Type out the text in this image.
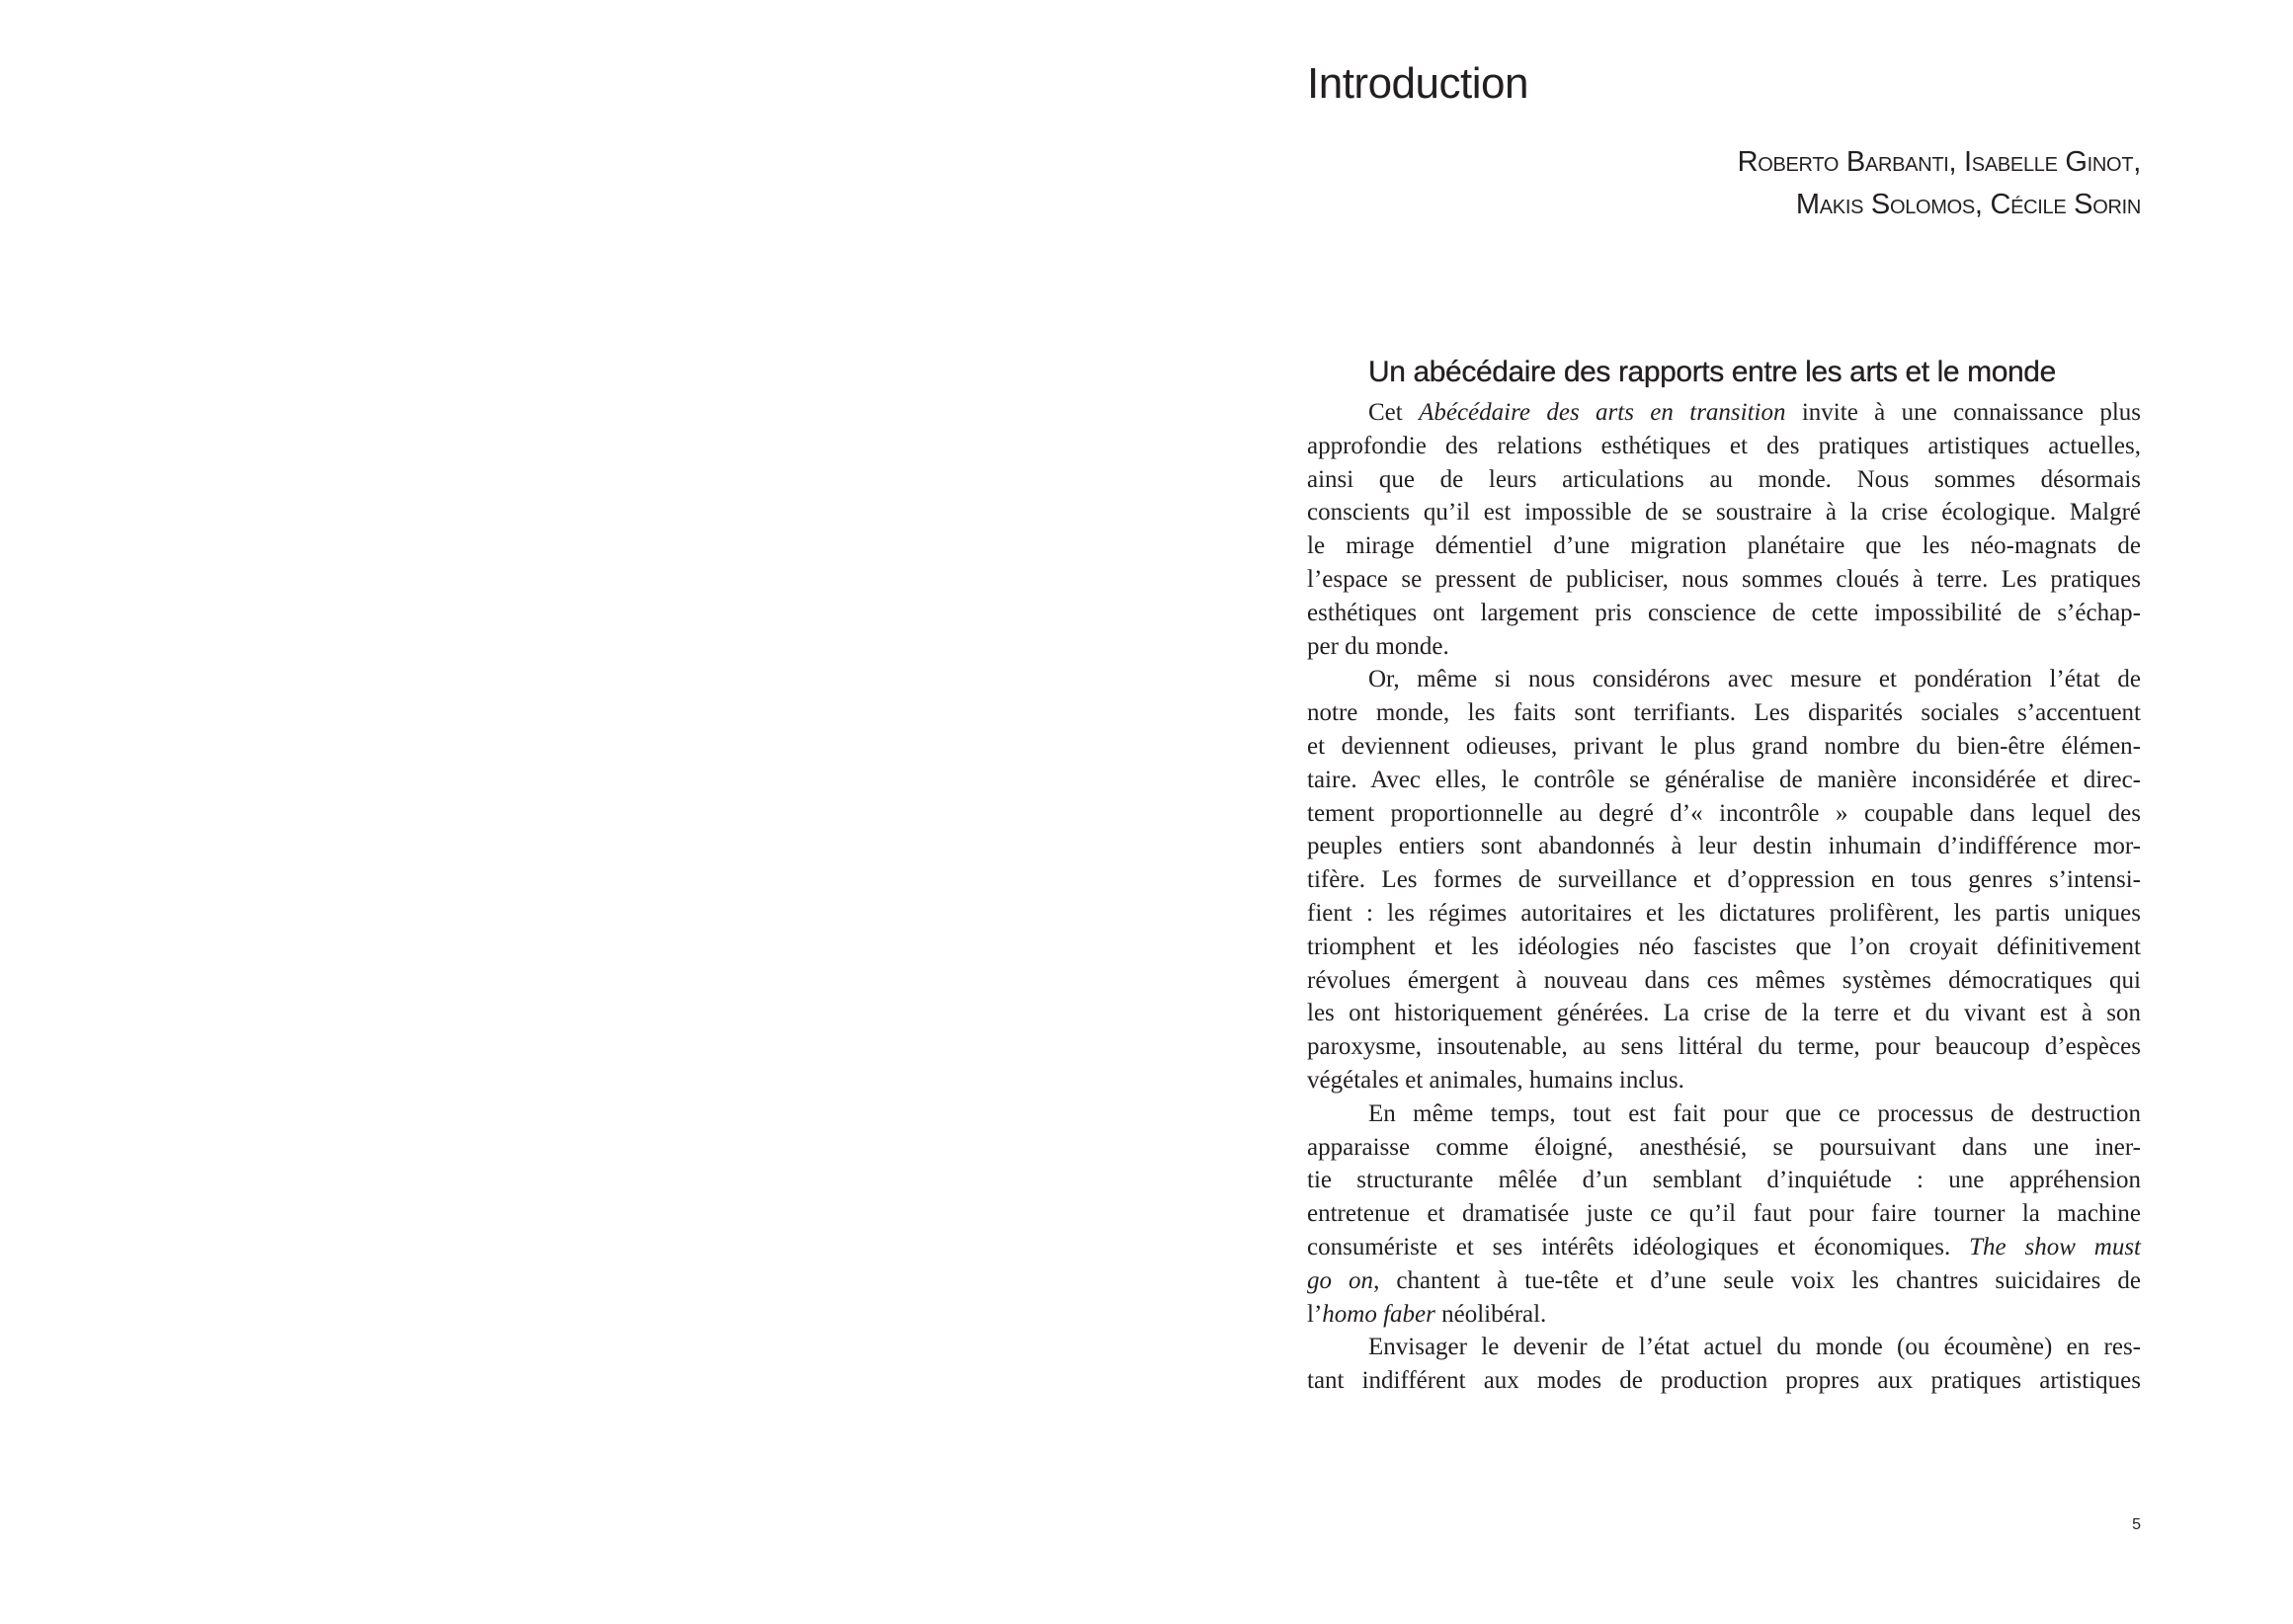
Introduction
Roberto Barbanti, Isabelle Ginot,
Makis Solomos, Cécile Sorin
Un abécédaire des rapports entre les arts et le monde
Cet Abécédaire des arts en transition invite à une connaissance plus
approfondie des relations esthétiques et des pratiques artistiques actuelles,
ainsi que de leurs articulations au monde. Nous sommes désormais
conscients qu’il est impossible de se soustraire à la crise écologique. Malgré
le mirage démentiel d’une migration planétaire que les néo-magnats de
l’espace se pressent de publiciser, nous sommes cloués à terre. Les pratiques
esthétiques ont largement pris conscience de cette impossibilité de s’échap-
per du monde.
Or, même si nous considérons avec mesure et pondération l’état de
notre monde, les faits sont terrifiants. Les disparités sociales s’accentuent
et deviennent odieuses, privant le plus grand nombre du bien-être élémen-
taire. Avec elles, le contrôle se généralise de manière inconsidérée et direc-
tement proportionnelle au degré d’« incontrôle » coupable dans lequel des
peuples entiers sont abandonnés à leur destin inhumain d’indifférence mor-
tifère. Les formes de surveillance et d’oppression en tous genres s’intensi-
fient : les régimes autoritaires et les dictatures prolifèrent, les partis uniques
triomphent et les idéologies néo fascistes que l’on croyait définitivement
révolues émergent à nouveau dans ces mêmes systèmes démocratiques qui
les ont historiquement générées. La crise de la terre et du vivant est à son
paroxysme, insoutenable, au sens littéral du terme, pour beaucoup d’espèces
végétales et animales, humains inclus.
En même temps, tout est fait pour que ce processus de destruction
apparaisse comme éloigné, anesthésié, se poursuivant dans une iner-
tie structurante mêlée d’un semblant d’inquiétude : une appréhension
entretenue et dramatisée juste ce qu’il faut pour faire tourner la machine
consumériste et ses intérêts idéologiques et économiques. The show must
go on, chantent à tue-tête et d’une seule voix les chantres suicidaires de
l’homo faber néolibéral.
Envisager le devenir de l’état actuel du monde (ou écoumène) en res-
tant indifférent aux modes de production propres aux pratiques artistiques
5
